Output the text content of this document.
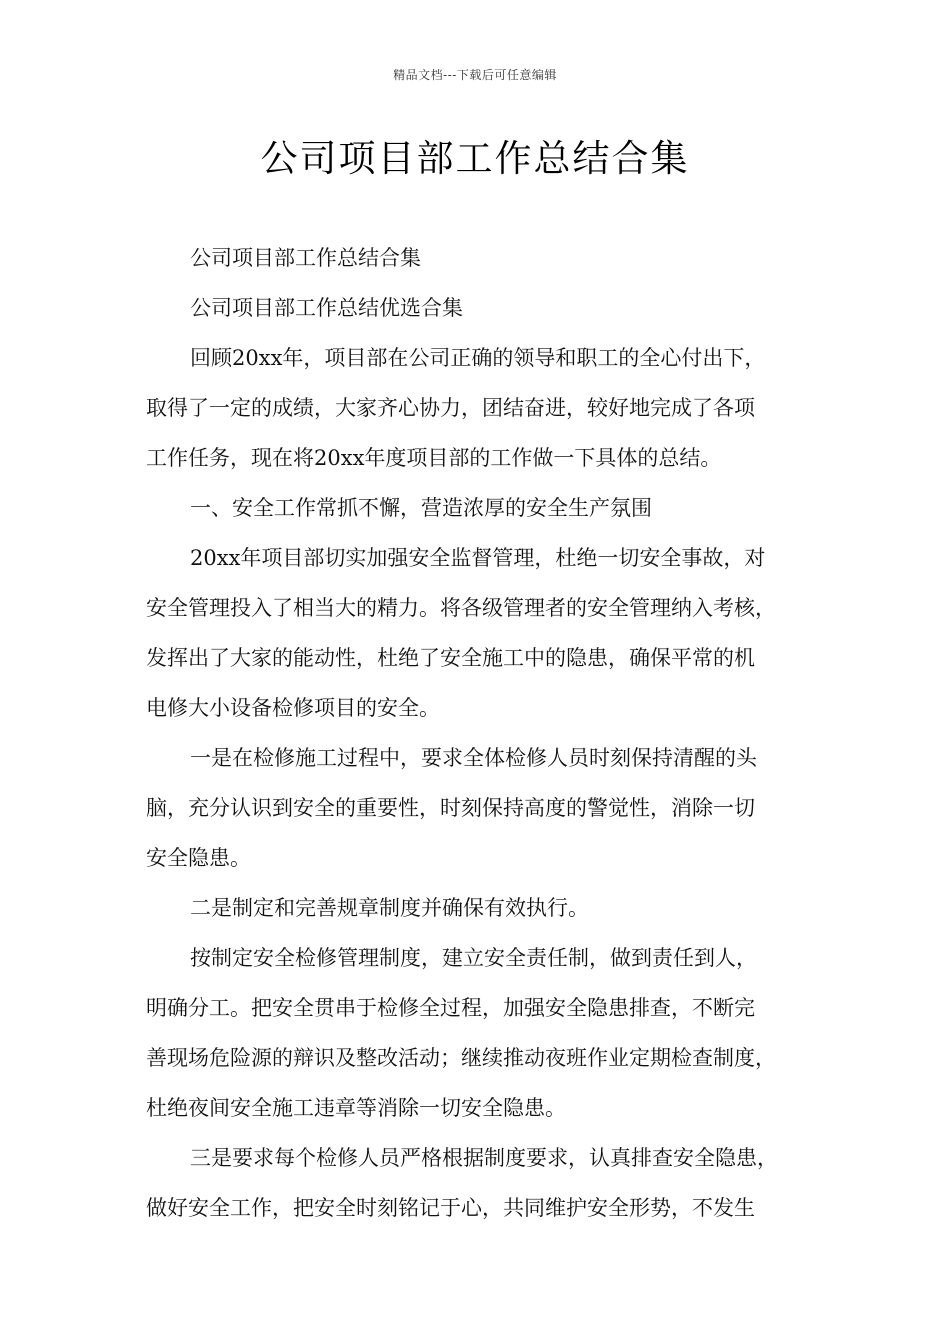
精品文档---下载后可任意编辑
公司项目部工作总结合集
公司项目部工作总结合集
公司项目部工作总结优选合集
回顾20xx年，项目部在公司正确的领导和职工的全心付出下，
取得了一定的成绩，大家齐心协力，团结奋进，较好地完成了各项
工作任务，现在将20xx年度项目部的工作做一下具体的总结。
一、安全工作常抓不懈，营造浓厚的安全生产氛围
20xx年项目部切实加强安全监督管理，杜绝一切安全事故，对
安全管理投入了相当大的精力。将各级管理者的安全管理纳入考核，
发挥出了大家的能动性，杜绝了安全施工中的隐患，确保平常的机
电修大小设备检修项目的安全。
一是在检修施工过程中，要求全体检修人员时刻保持清醒的头
脑，充分认识到安全的重要性，时刻保持高度的警觉性，消除一切
安全隐患。
二是制定和完善规章制度并确保有效执行。
按制定安全检修管理制度，建立安全责任制，做到责任到人，
明确分工。把安全贯串于检修全过程，加强安全隐患排查，不断完
善现场危险源的辩识及整改活动；继续推动夜班作业定期检查制度，
杜绝夜间安全施工违章等消除一切安全隐患。
三是要求每个检修人员严格根据制度要求，认真排查安全隐患，
做好安全工作，把安全时刻铭记于心，共同维护安全形势，不发生
